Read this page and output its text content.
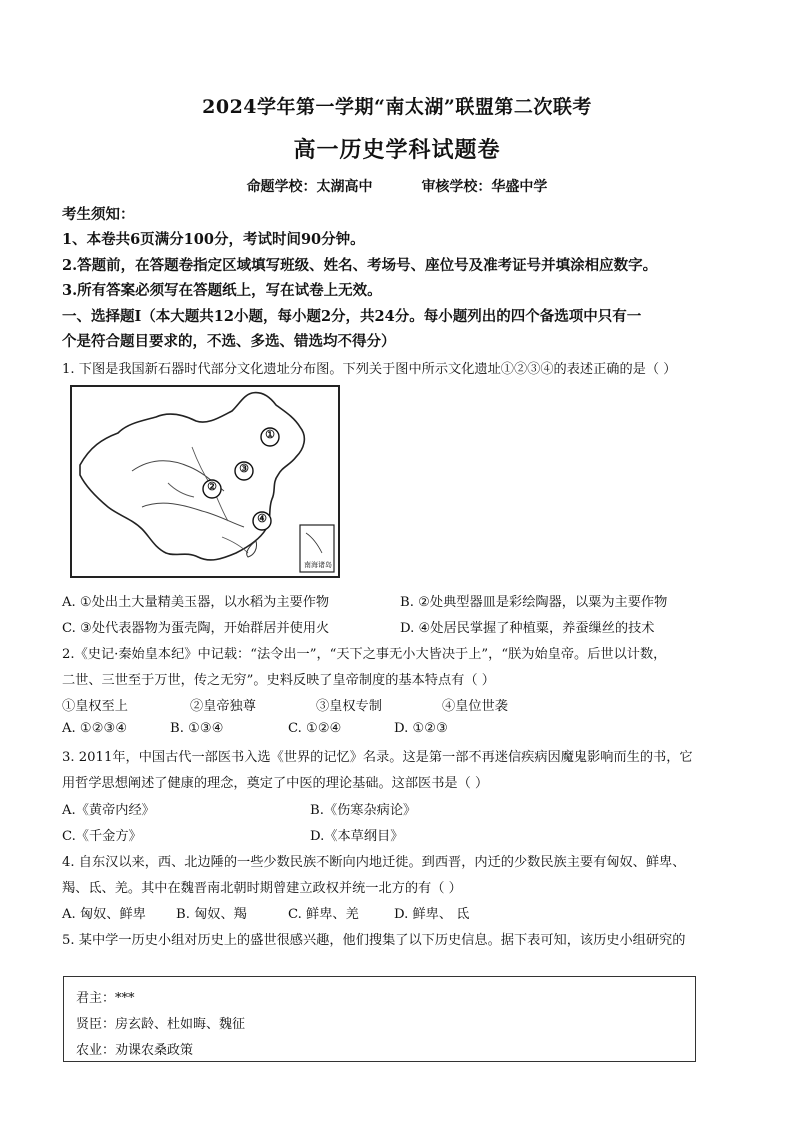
2024学年第一学期“南太湖”联盟第二次联考
高一历史学科试题卷
命题学校：太湖高中	审核学校：华盛中学
考生须知：
1、本卷共6页满分100分，考试时间90分钟。
2.答题前，在答题卷指定区域填写班级、姓名、考场号、座位号及准考证号并填涂相应数字。
3.所有答案必须写在答题纸上，写在试卷上无效。
一、选择题Ⅰ（本大题共12小题，每小题2分，共24分。每小题列出的四个备选项中只有一
个是符合题目要求的，不选、多选、错选均不得分）
1. 下图是我国新石器时代部分文化遗址分布图。下列关于图中所示文化遗址①②③④的表述正确的是（ ）
①
②
③
④
南海诸岛
A. ①处出土大量精美玉器，以水稻为主要作物	B. ②处典型器皿是彩绘陶器，以粟为主要作物
C. ③处代表器物为蛋壳陶，开始群居并使用火	D. ④处居民掌握了种植粟，养蚕缫丝的技术
2.《史记·秦始皇本纪》中记载：“法令出一”，“天下之事无小大皆决于上”，“朕为始皇帝。后世以计数，
二世、三世至于万世，传之无穷”。史料反映了皇帝制度的基本特点有（ ）
①皇权至上	②皇帝独尊	③皇权专制	④皇位世袭
A. ①②③④	B. ①③④	C. ①②④	D. ①②③
3. 2011年，中国古代一部医书入选《世界的记忆》名录。这是第一部不再迷信疾病因魔鬼影响而生的书，它
用哲学思想阐述了健康的理念，奠定了中医的理论基础。这部医书是（ ）
A.《黄帝内经》	B.《伤寒杂病论》
C.《千金方》	D.《本草纲目》
4. 自东汉以来，西、北边陲的一些少数民族不断向内地迁徙。到西晋，内迁的少数民族主要有匈奴、鲜卑、
羯、氐、羌。其中在魏晋南北朝时期曾建立政权并统一北方的有（ ）
A. 匈奴、鲜卑 B. 匈奴、羯	C. 鲜卑、羌	D. 鲜卑、 氐
5. 某中学一历史小组对历史上的盛世很感兴趣，他们搜集了以下历史信息。据下表可知，该历史小组研究的
君主：***
贤臣：房玄龄、杜如晦、魏征
农业：劝课农桑政策
